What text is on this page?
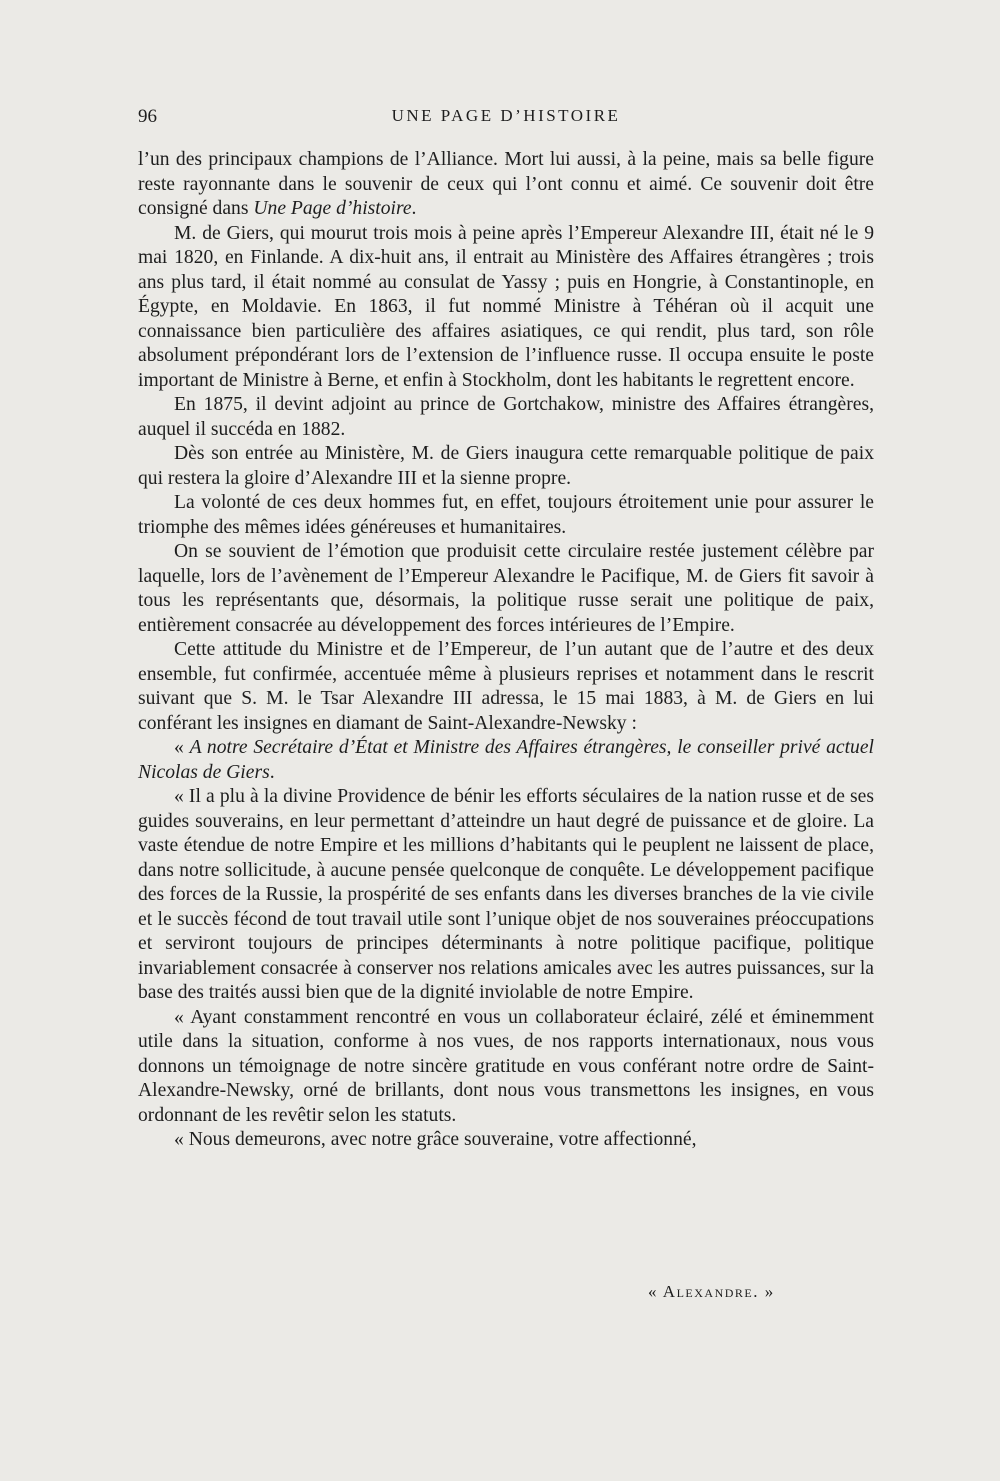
96	UNE PAGE D’HISTOIRE

l’un des principaux champions de l’Alliance. Mort lui aussi, à la peine, mais sa belle figure reste rayonnante dans le souvenir de ceux qui l’ont connu et aimé. Ce souvenir doit être consigné dans Une Page d’histoire.

M. de Giers, qui mourut trois mois à peine après l’Empereur Alexandre III, était né le 9 mai 1820, en Finlande. A dix-huit ans, il entrait au Ministère des Affaires étrangères ; trois ans plus tard, il était nommé au consulat de Yassy ; puis en Hongrie, à Constantinople, en Égypte, en Moldavie. En 1863, il fut nommé Ministre à Téhéran où il acquit une connaissance bien particulière des affaires asiatiques, ce qui rendit, plus tard, son rôle absolument prépondérant lors de l’extension de l’influence russe. Il occupa ensuite le poste important de Ministre à Berne, et enfin à Stockholm, dont les habitants le regrettent encore.

En 1875, il devint adjoint au prince de Gortchakow, ministre des Affaires étrangères, auquel il succéda en 1882.

Dès son entrée au Ministère, M. de Giers inaugura cette remarquable politique de paix qui restera la gloire d’Alexandre III et la sienne propre.

La volonté de ces deux hommes fut, en effet, toujours étroitement unie pour assurer le triomphe des mêmes idées généreuses et humanitaires.

On se souvient de l’émotion que produisit cette circulaire restée justement célèbre par laquelle, lors de l’avènement de l’Empereur Alexandre le Pacifique, M. de Giers fit savoir à tous les représentants que, désormais, la politique russe serait une politique de paix, entièrement consacrée au développement des forces intérieures de l’Empire.

Cette attitude du Ministre et de l’Empereur, de l’un autant que de l’autre et des deux ensemble, fut confirmée, accentuée même à plusieurs reprises et notamment dans le rescrit suivant que S. M. le Tsar Alexandre III adressa, le 15 mai 1883, à M. de Giers en lui conférant les insignes en diamant de Saint-Alexandre-Newsky :

« A notre Secrétaire d’État et Ministre des Affaires étrangères, le conseiller privé actuel Nicolas de Giers.

« Il a plu à la divine Providence de bénir les efforts séculaires de la nation russe et de ses guides souverains, en leur permettant d’atteindre un haut degré de puissance et de gloire. La vaste étendue de notre Empire et les millions d’habitants qui le peuplent ne laissent de place, dans notre sollicitude, à aucune pensée quelconque de conquête. Le développement pacifique des forces de la Russie, la prospérité de ses enfants dans les diverses branches de la vie civile et le succès fécond de tout travail utile sont l’unique objet de nos souveraines préoccupations et serviront toujours de principes déterminants à notre politique pacifique, politique invariablement consacrée à conserver nos relations amicales avec les autres puissances, sur la base des traités aussi bien que de la dignité inviolable de notre Empire.

« Ayant constamment rencontré en vous un collaborateur éclairé, zélé et éminemment utile dans la situation, conforme à nos vues, de nos rapports internationaux, nous vous donnons un témoignage de notre sincère gratitude en vous conférant notre ordre de Saint-Alexandre-Newsky, orné de brillants, dont nous vous transmettons les insignes, en vous ordonnant de les revêtir selon les statuts.

« Nous demeurons, avec notre grâce souveraine, votre affectionné,

« Alexandre. »
